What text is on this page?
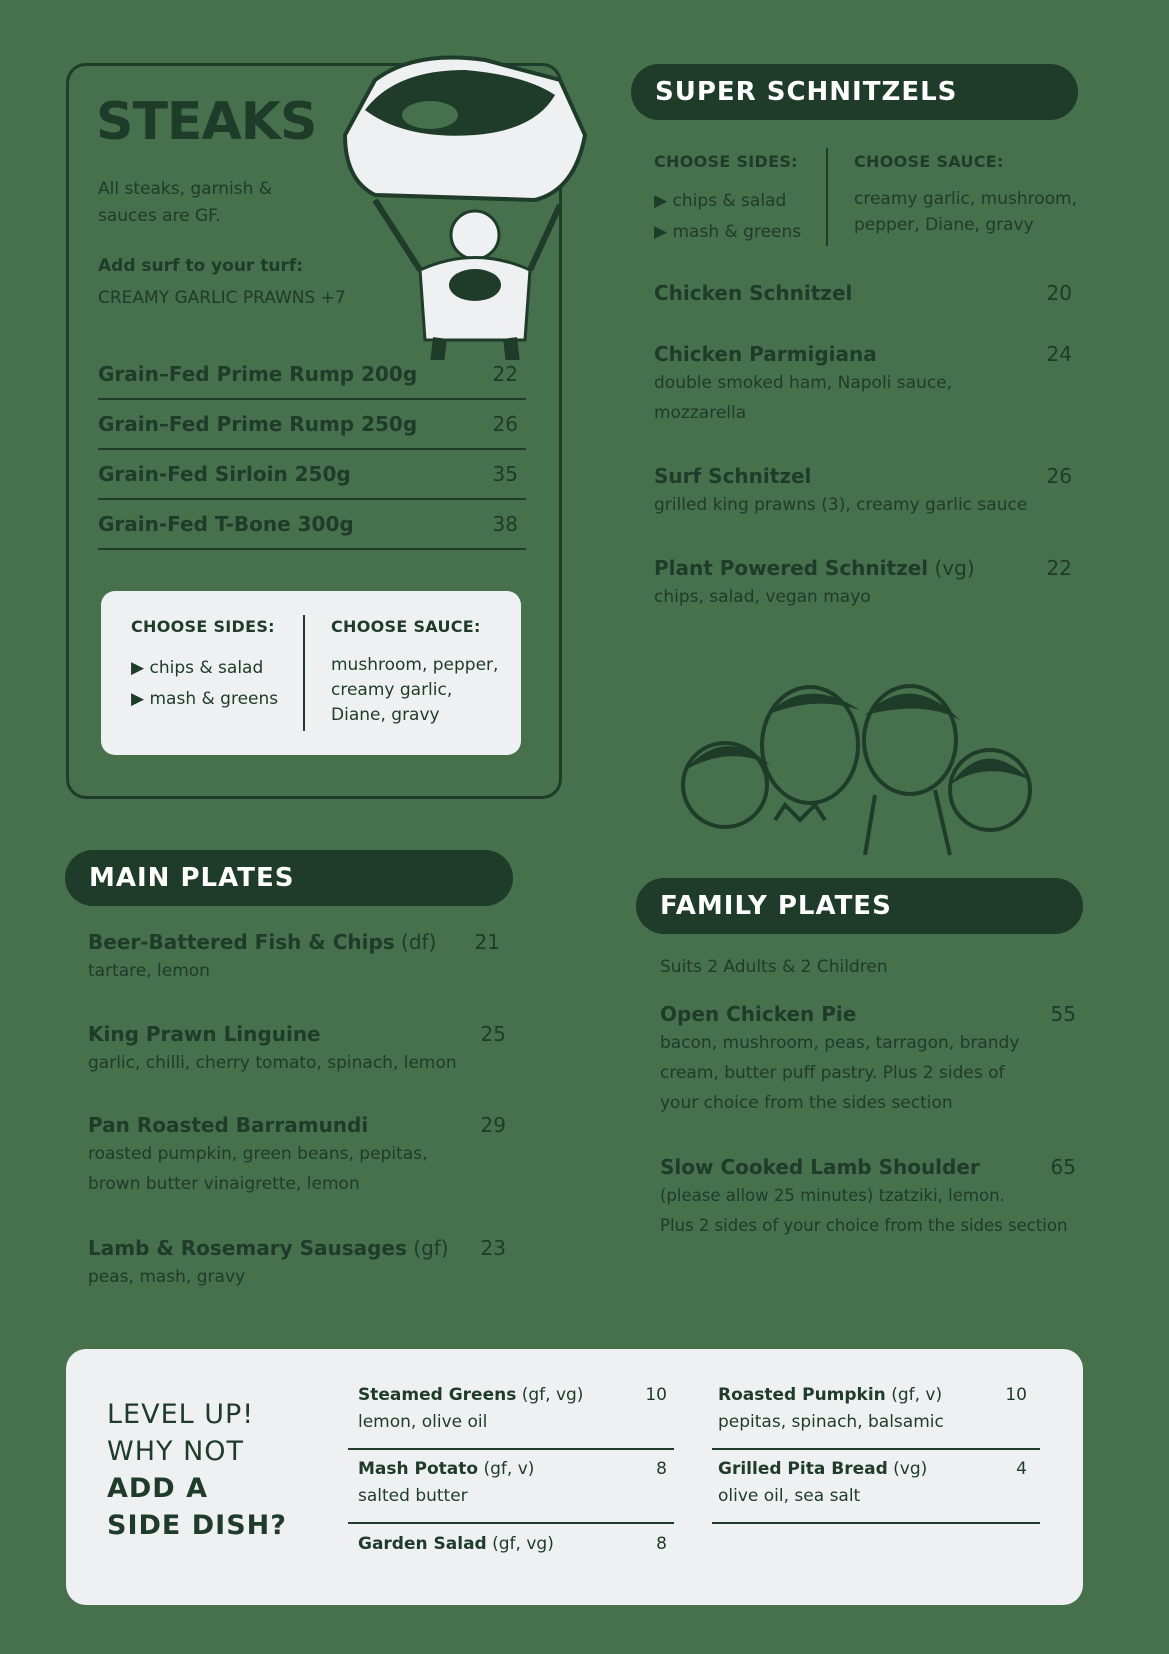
STEAKS
All steaks, garnish &
sauces are GF.
Add surf to your turf:
CREAMY GARLIC PRAWNS +7
Grain–Fed Prime Rump 200g	22
Grain–Fed Prime Rump 250g	26
Grain-Fed Sirloin 250g	35
Grain-Fed T-Bone 300g	38
CHOOSE SIDES:
▶ chips & salad
▶ mash & greens
CHOOSE SAUCE:
mushroom, pepper,
creamy garlic,
Diane, gravy
SUPER SCHNITZELS
CHOOSE SIDES:
▶ chips & salad
▶ mash & greens
CHOOSE SAUCE:
creamy garlic, mushroom,
pepper, Diane, gravy
Chicken Schnitzel	20
Chicken Parmigiana	24
double smoked ham, Napoli sauce,
mozzarella
Surf Schnitzel	26
grilled king prawns (3), creamy garlic sauce
Plant Powered Schnitzel (vg)	22
chips, salad, vegan mayo
MAIN PLATES
Beer-Battered Fish & Chips (df)	21
tartare, lemon
King Prawn Linguine	25
garlic, chilli, cherry tomato, spinach, lemon
Pan Roasted Barramundi	29
roasted pumpkin, green beans, pepitas,
brown butter vinaigrette, lemon
Lamb & Rosemary Sausages (gf)	23
peas, mash, gravy
FAMILY PLATES
Suits 2 Adults & 2 Children
Open Chicken Pie	55
bacon, mushroom, peas, tarragon, brandy
cream, butter puff pastry. Plus 2 sides of
your choice from the sides section
Slow Cooked Lamb Shoulder	65
(please allow 25 minutes) tzatziki, lemon.
Plus 2 sides of your choice from the sides section
LEVEL UP!
WHY NOT
ADD A
SIDE DISH?
Steamed Greens (gf, vg)	10
lemon, olive oil
Mash Potato (gf, v)	8
salted butter
Garden Salad (gf, vg)	8
Roasted Pumpkin (gf, v)	10
pepitas, spinach, balsamic
Grilled Pita Bread (vg)	4
olive oil, sea salt
